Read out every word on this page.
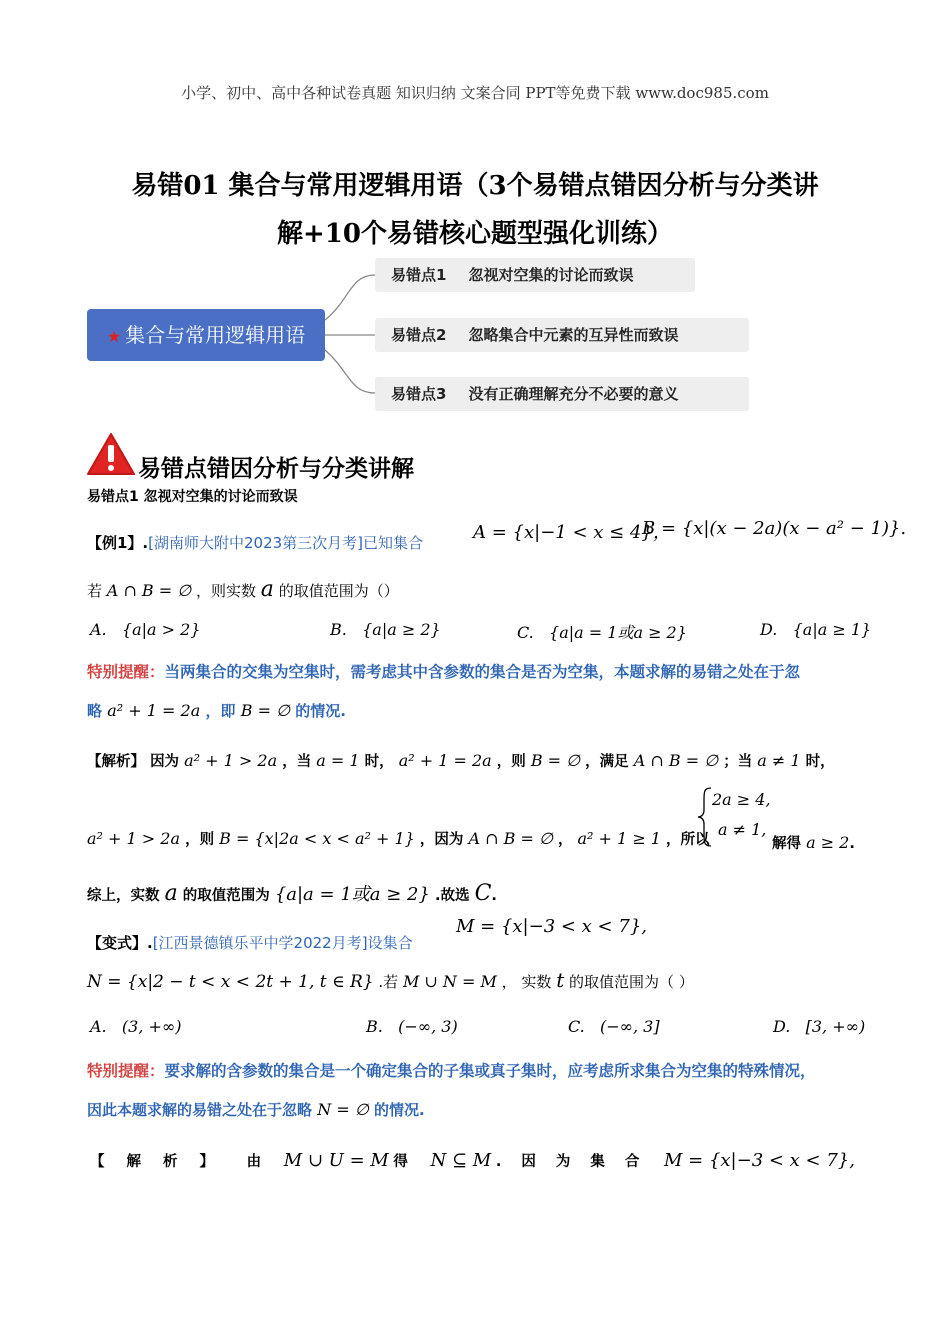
小学、初中、高中各种试卷真题 知识归纳 文案合同 PPT等免费下载 www.doc985.com
易错01 集合与常用逻辑用语（3个易错点错因分析与分类讲
解+10个易错核心题型强化训练）
★ 集合与常用逻辑用语
易错点1 忽视对空集的讨论而致误
易错点2 忽略集合中元素的互异性而致误
易错点3 没有正确理解充分不必要的意义
易错点错因分析与分类讲解
易错点1 忽视对空集的讨论而致误
【例1】.[湖南师大附中2023第三次月考]已知集合	A = {x|−1 < x ≤ 4}，
B = {x|(x − 2a)(x − a² − 1)}.
若 A ∩ B = ∅ ，则实数 a 的取值范围为（）
A. {a|a > 2}	B. {a|a ≥ 2}	C. {a|a = 1或a ≥ 2}	D. {a|a ≥ 1}
特别提醒：当两集合的交集为空集时，需考虑其中含参数的集合是否为空集，本题求解的易错之处在于忽
略 a² + 1 = 2a ，即 B = ∅ 的情况.
【解析】 因为 a² + 1 > 2a ，当 a = 1 时， a² + 1 = 2a ，则 B = ∅ ，满足 A ∩ B = ∅ ；当 a ≠ 1 时，
2a ≥ 4,
a ≠ 1,
a² + 1 > 2a ，则 B = {x|2a < x < a² + 1} ，因为 A ∩ B = ∅ ， a² + 1 ≥ 1 ，所以	解得 a ≥ 2.
综上，实数 a 的取值范围为 {a|a = 1或a ≥ 2} .故选 C.
【变式】.[江西景德镇乐平中学2022月考]设集合
M = {x|−3 < x < 7},
N = {x|2 − t < x < 2t + 1, t ∈ R} .若 M ∪ N = M ， 实数 t 的取值范围为（ ）
A. (3, +∞)	B. (−∞, 3)	C. (−∞, 3]	D. [3, +∞)
特别提醒：要求解的含参数的集合是一个确定集合的子集或真子集时，应考虑所求集合为空集的特殊情况，
因此本题求解的易错之处在于忽略 N = ∅ 的情况.
【解析】 由 M ∪ U = M 得 N ⊆ M .因为集合 M = {x|−3 < x < 7},
